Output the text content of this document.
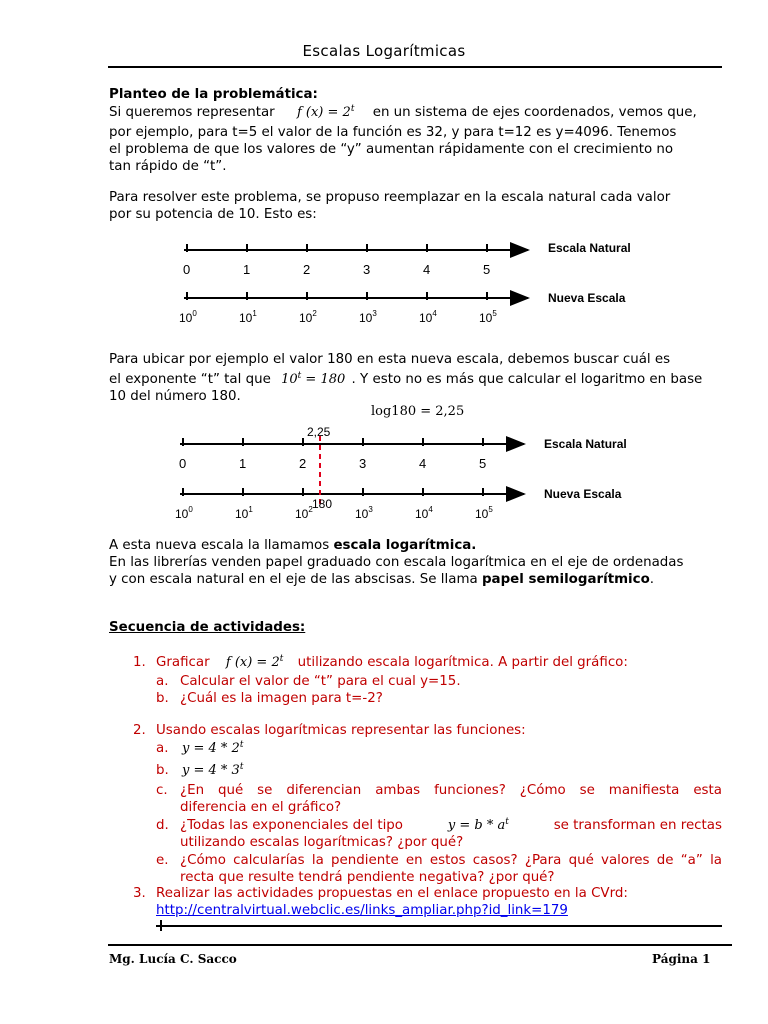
Escalas Logarítmicas
Planteo de la problemática:
Si queremos representar f $(x) = 2^t$ en un sistema de ejes coordenados, vemos que,
por ejemplo, para t=5 el valor de la función es 32, y para t=12 es y=4096. Tenemos
el problema de que los valores de “y” aumentan rápidamente con el crecimiento no
tan rápido de “t”.
Para resolver este problema, se propuso reemplazar en la escala natural cada valor
por su potencia de 10. Esto es:
0	1	2	3	4	5
$10^0$	$10^1$	$10^2$	$10^3$	$10^4$	$10^5$
Escala Natural
Nueva Escala
Para ubicar por ejemplo el valor 180 en esta nueva escala, debemos buscar cuál es
el exponente “t” tal que $10^t = 180$ . Y esto no es más que calcular el logaritmo en base
10 del número 180.
log180 = 2,25
0	1	2	3	4	5
$10^0$	$10^1$	$10^2$	$10^3$	$10^4$	$10^5$
2,25
180
Escala Natural
Nueva Escala
A esta nueva escala la llamamos escala logarítmica.
En las librerías venden papel graduado con escala logarítmica en el eje de ordenadas
y con escala natural en el eje de las abscisas. Se llama papel semilogarítmico.
Secuencia de actividades:
1. Graficar f $(x) = 2^t$ utilizando escala logarítmica. A partir del gráfico:
a. Calcular el valor de “t” para el cual y=15.
b. ¿Cuál es la imagen para t=-2?
2. Usando escalas logarítmicas representar las funciones:
a. y = 4 * 2$^t$
b. y = 4 * 3$^t$
c. ¿En qué se diferencian ambas funciones? ¿Cómo se manifiesta esta
diferencia en el gráfico?
d. ¿Todas las exponenciales del tipo	$y = b * a^t$	se transforman en rectas
utilizando escalas logarítmicas? ¿por qué?
e. ¿Cómo calcularías la pendiente en estos casos? ¿Para qué valores de “a” la
recta que resulte tendrá pendiente negativa? ¿por qué?
3. Realizar las actividades propuestas en el enlace propuesto en la CVrd:
http://centralvirtual.webclic.es/links_ampliar.php?id_link=179
Mg. Lucía C. Sacco	Página 1
